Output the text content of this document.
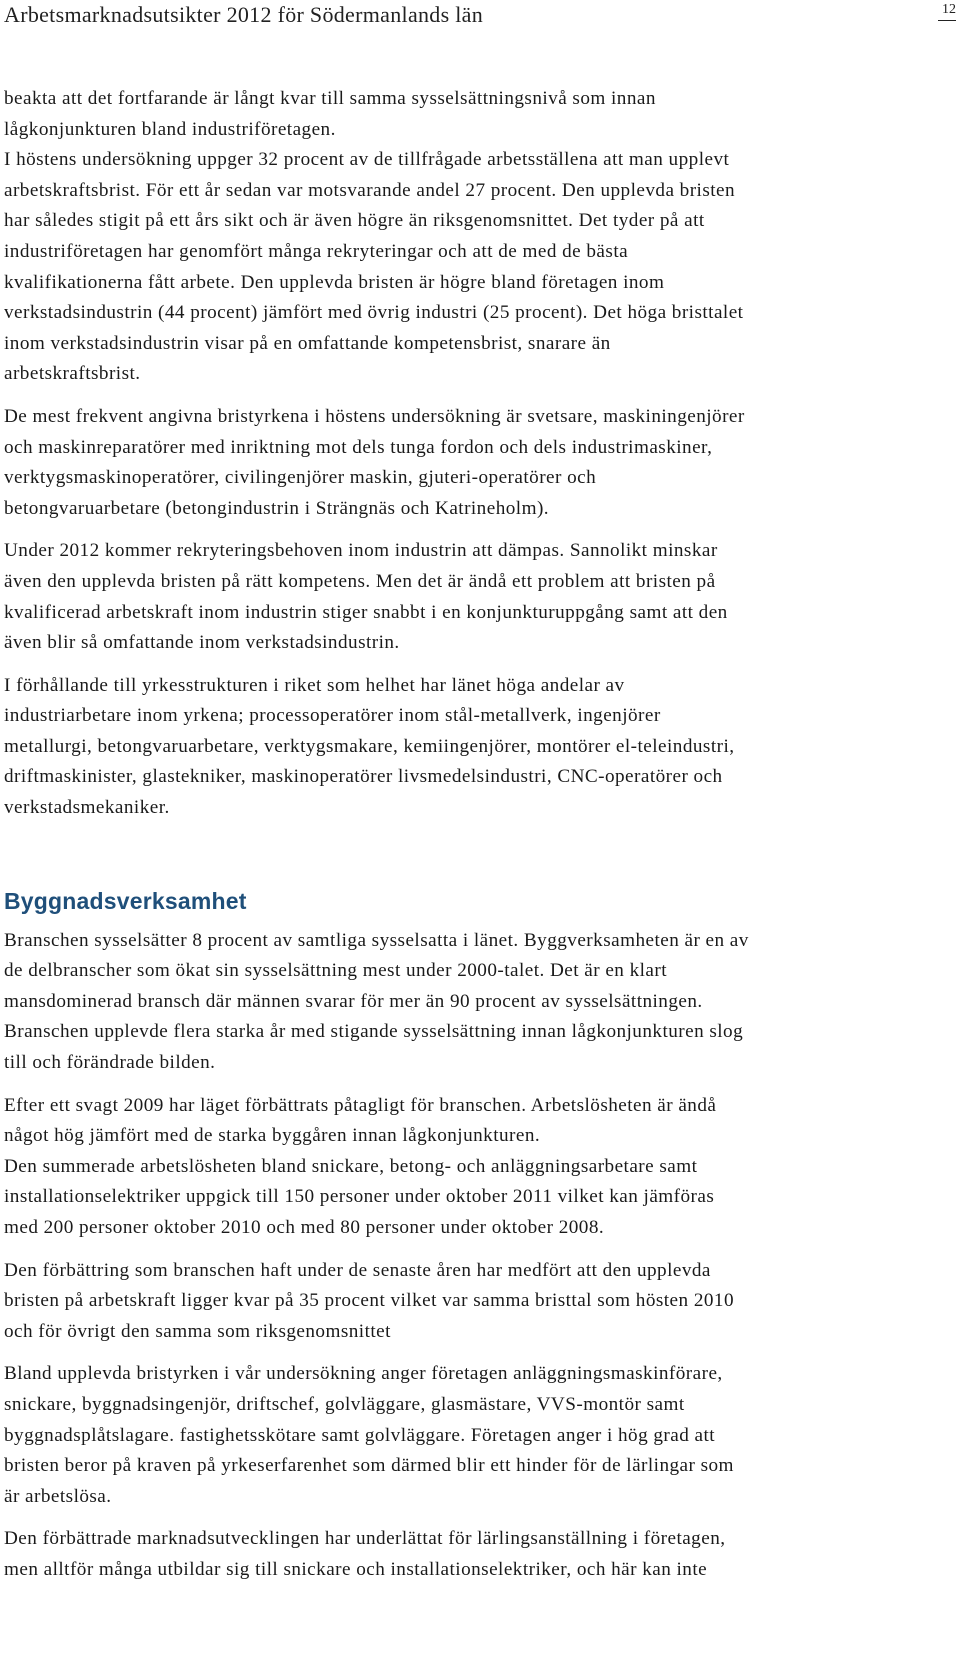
Arbetsmarknadsutsikter 2012 för Södermanlands län	12

beakta att det fortfarande är långt kvar till samma sysselsättningsnivå som innan
lågkonjunkturen bland industriföretagen.

I höstens undersökning uppger 32 procent av de tillfrågade arbetsställena att man upplevt
arbetskraftsbrist. För ett år sedan var motsvarande andel 27 procent. Den upplevda bristen
har således stigit på ett års sikt och är även högre än riksgenomsnittet. Det tyder på att
industriföretagen har genomfört många rekryteringar och att de med de bästa
kvalifikationerna fått arbete. Den upplevda bristen är högre bland företagen inom
verkstadsindustrin (44 procent) jämfört med övrig industri (25 procent). Det höga bristtalet
inom verkstadsindustrin visar på en omfattande kompetensbrist, snarare än
arbetskraftsbrist.

De mest frekvent angivna bristyrkena i höstens undersökning är svetsare, maskiningenjörer
och maskinreparatörer med inriktning mot dels tunga fordon och dels industrimaskiner,
verktygsmaskinoperatörer, civilingenjörer maskin, gjuteri-operatörer och
betongvaruarbetare (betongindustrin i Strängnäs och Katrineholm).

Under 2012 kommer rekryteringsbehoven inom industrin att dämpas. Sannolikt minskar
även den upplevda bristen på rätt kompetens. Men det är ändå ett problem att bristen på
kvalificerad arbetskraft inom industrin stiger snabbt i en konjunkturuppgång samt att den
även blir så omfattande inom verkstadsindustrin.

I förhållande till yrkesstrukturen i riket som helhet har länet höga andelar av
industriarbetare inom yrkena; processoperatörer inom stål-metallverk, ingenjörer
metallurgi, betongvaruarbetare, verktygsmakare, kemiingenjörer, montörer el-teleindustri,
driftmaskinister, glastekniker, maskinoperatörer livsmedelsindustri, CNC-operatörer och
verkstadsmekaniker.

Byggnadsverksamhet

Branschen sysselsätter 8 procent av samtliga sysselsatta i länet. Byggverksamheten är en av
de delbranscher som ökat sin sysselsättning mest under 2000-talet. Det är en klart
mansdominerad bransch där männen svarar för mer än 90 procent av sysselsättningen.
Branschen upplevde flera starka år med stigande sysselsättning innan lågkonjunkturen slog
till och förändrade bilden.

Efter ett svagt 2009 har läget förbättrats påtagligt för branschen. Arbetslösheten är ändå
något hög jämfört med de starka byggåren innan lågkonjunkturen.

Den summerade arbetslösheten bland snickare, betong- och anläggningsarbetare samt
installationselektriker uppgick till 150 personer under oktober 2011 vilket kan jämföras
med 200 personer oktober 2010 och med 80 personer under oktober 2008.

Den förbättring som branschen haft under de senaste åren har medfört att den upplevda
bristen på arbetskraft ligger kvar på 35 procent vilket var samma bristtal som hösten 2010
och för övrigt den samma som riksgenomsnittet

Bland upplevda bristyrken i vår undersökning anger företagen anläggningsmaskinförare,
snickare, byggnadsingenjör, driftschef, golvläggare, glasmästare, VVS-montör samt
byggnadsplåtslagare. fastighetsskötare samt golvläggare. Företagen anger i hög grad att
bristen beror på kraven på yrkeserfarenhet som därmed blir ett hinder för de lärlingar som
är arbetslösa.

Den förbättrade marknadsutvecklingen har underlättat för lärlingsanställning i företagen,
men alltför många utbildar sig till snickare och installationselektriker, och här kan inte
